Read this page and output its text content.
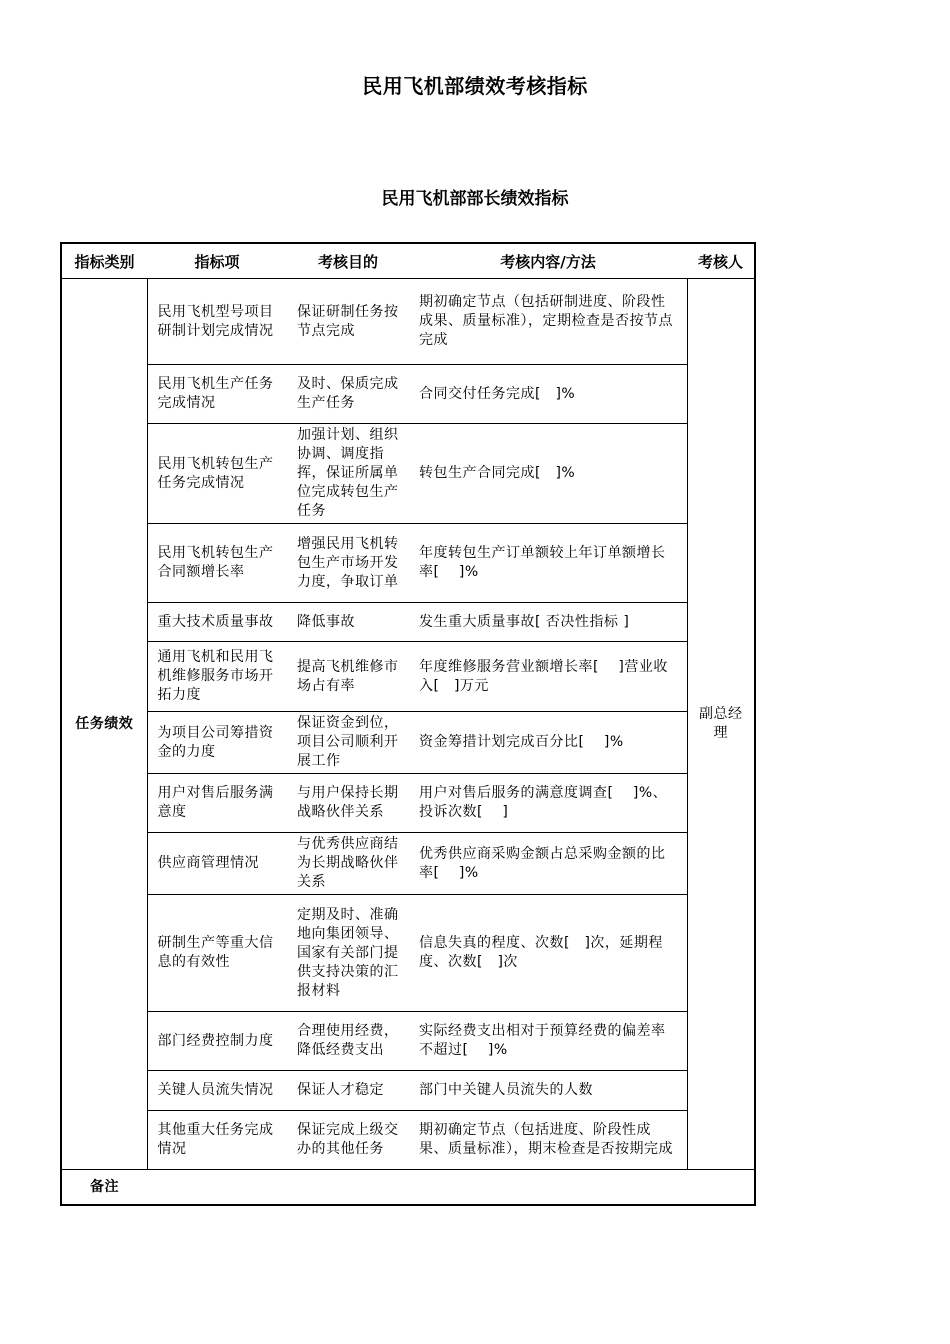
民用飞机部绩效考核指标
民用飞机部部长绩效指标
指标类别	指标项	考核目的	考核内容/方法	考核人
任务绩效	民用飞机型号项目研制计划完成情况	保证研制任务按节点完成	期初确定节点（包括研制进度、阶段性成果、质量标准），定期检查是否按节点完成	副总经理
	民用飞机生产任务完成情况	及时、保质完成生产任务	合同交付任务完成[　]%	
	民用飞机转包生产任务完成情况	加强计划、组织协调、调度指挥，保证所属单位完成转包生产任务	转包生产合同完成[　]%	
	民用飞机转包生产合同额增长率	增强民用飞机转包生产市场开发力度，争取订单	年度转包生产订单额较上年订单额增长率[　 ]%	
	重大技术质量事故	降低事故	发生重大质量事故[ 否决性指标 ]	
	通用飞机和民用飞机维修服务市场开拓力度	提高飞机维修市场占有率	年度维修服务营业额增长率[　 ]营业收入[　]万元	
	为项目公司筹措资金的力度	保证资金到位，项目公司顺利开展工作	资金筹措计划完成百分比[　 ]%	
	用户对售后服务满意度	与用户保持长期战略伙伴关系	用户对售后服务的满意度调查[　 ]%、投诉次数[　 ]	
	供应商管理情况	与优秀供应商结为长期战略伙伴关系	优秀供应商采购金额占总采购金额的比率[　 ]%	
	研制生产等重大信息的有效性	定期及时、准确地向集团领导、国家有关部门提供支持决策的汇报材料	信息失真的程度、次数[　]次，延期程度、次数[　]次	
	部门经费控制力度	合理使用经费，降低经费支出	实际经费支出相对于预算经费的偏差率不超过[　 ]%	
	关键人员流失情况	保证人才稳定	部门中关键人员流失的人数	
	其他重大任务完成情况	保证完成上级交办的其他任务	期初确定节点（包括进度、阶段性成果、质量标准），期末检查是否按期完成	
备注				
